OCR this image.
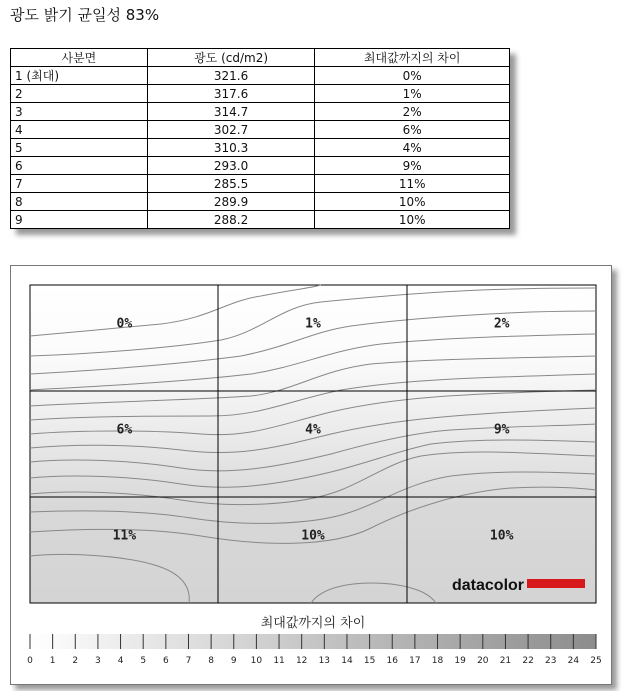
광도 밝기 균일성 83%
사분면	광도 (cd/m2)	최대값까지의 차이
1 (최대)	321.6	0%
2	317.6	1%
3	314.7	2%
4	302.7	6%
5	310.3	4%
6	293.0	9%
7	285.5	11%
8	289.9	10%
9	288.2	10%
0%	1%	2%
6%	4%	9%
11%	10%	10%
datacolor
최대값까지의 차이
0 1 2 3 4 5 6 7 8 9 10 11 12 13 14 15 16 17 18 19 20 21 22 23 24 25
